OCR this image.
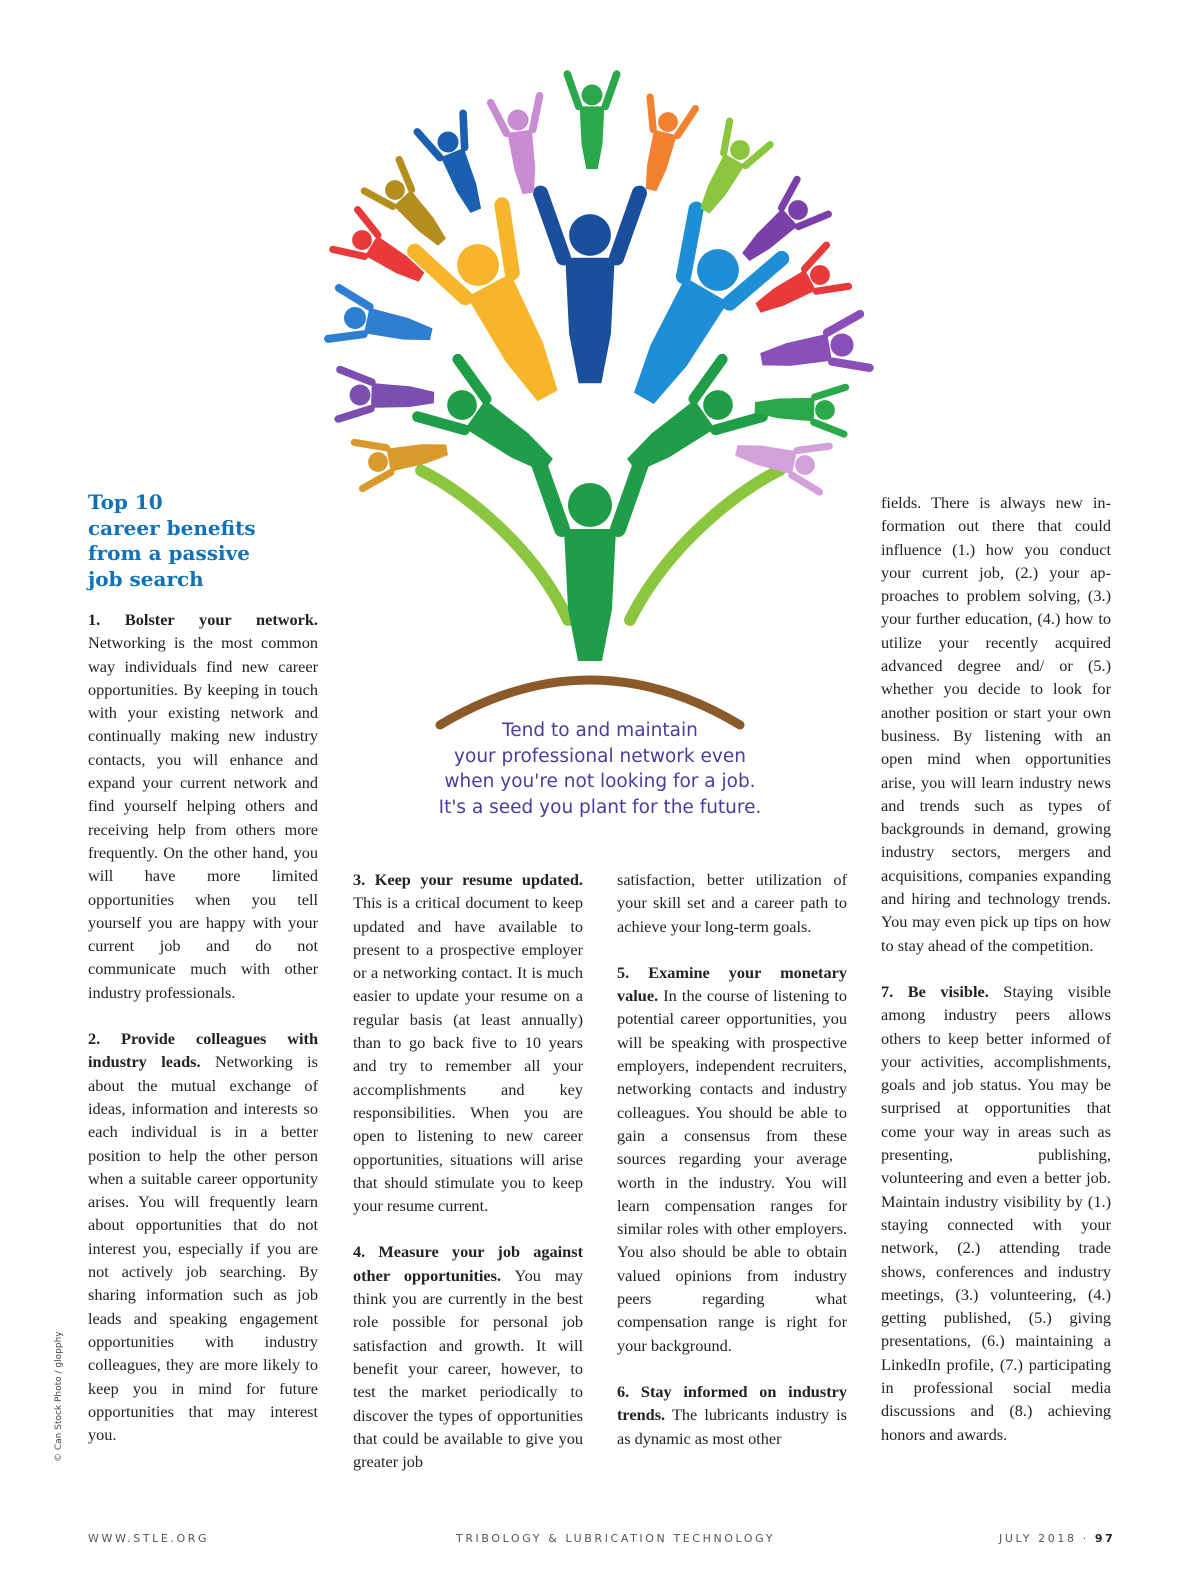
Tend to and maintain
your professional network even
when you're not looking for a job.
It's a seed you plant for the future.
Top 10
career benefits
from a passive
job search

1. Bolster your network. Networking is the most common way individuals find new career opportunities. By keeping in touch with your existing network and continually making new industry contacts, you will enhance and expand your current network and find yourself helping others and receiving help from others more frequently. On the other hand, you will have more limited opportunities when you tell yourself you are happy with your current job and do not communicate much with other industry professionals.

2. Provide colleagues with industry leads. Networking is about the mutual exchange of ideas, information and interests so each individual is in a better position to help the other person when a suitable career opportunity arises. You will frequently learn about opportunities that do not interest you, especially if you are not actively job searching. By sharing information such as job leads and speaking engagement opportunities with industry colleagues, they are more likely to keep you in mind for future opportunities that may interest you.

3. Keep your resume updated. This is a critical document to keep updated and have available to present to a prospective employer or a networking contact. It is much easier to update your resume on a regular basis (at least annually) than to go back five to 10 years and try to remember all your accomplishments and key responsibilities. When you are open to listening to new career opportunities, situations will arise that should stimulate you to keep your resume current.

4. Measure your job against other opportunities. You may think you are currently in the best role possible for personal job satisfaction and growth. It will benefit your career, however, to test the market periodically to discover the types of opportunities that could be available to give you greater job

satisfaction, better utilization of your skill set and a career path to achieve your long-term goals.

5. Examine your monetary value. In the course of listening to potential career opportunities, you will be speaking with prospective employers, independent recruiters, networking contacts and industry colleagues. You should be able to gain a consensus from these sources regarding your average worth in the industry. You will learn compensation ranges for similar roles with other employers. You also should be able to obtain valued opinions from industry peers regarding what compensation range is right for your background.

6. Stay informed on industry trends. The lubricants industry is as dynamic as most other

fields. There is always new information out there that could influence (1.) how you conduct your current job, (2.) your approaches to problem solving, (3.) your further education, (4.) how to utilize your recently acquired advanced degree and/ or (5.) whether you decide to look for another position or start your own business. By listening with an open mind when opportunities arise, you will learn industry news and trends such as types of backgrounds in demand, growing industry sectors, mergers and acquisitions, companies expanding and hiring and technology trends. You may even pick up tips on how to stay ahead of the competition.

7. Be visible. Staying visible among industry peers allows others to keep better informed of your activities, accomplishments, goals and job status. You may be surprised at opportunities that come your way in areas such as presenting, publishing, volunteering and even a better job. Maintain industry visibility by (1.) staying connected with your network, (2.) attending trade shows, conferences and industry meetings, (3.) volunteering, (4.) getting published, (5.) giving presentations, (6.) maintaining a LinkedIn profile, (7.) participating in professional social media discussions and (8.) achieving honors and awards.

© Can Stock Photo / glopphy
WWW.STLE.ORG	TRIBOLOGY & LUBRICATION TECHNOLOGY	JULY 2018 · 97
